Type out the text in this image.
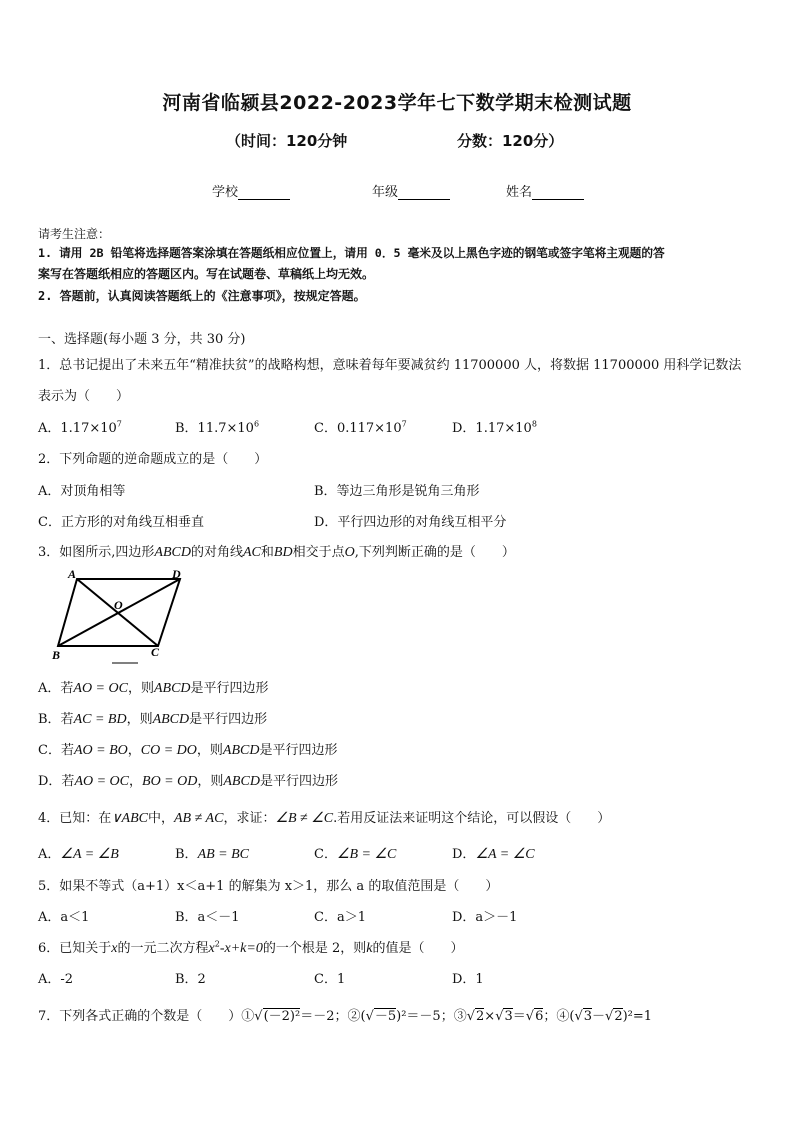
河南省临颍县2022-2023学年七下数学期末检测试题
（时间：120分钟	分数：120分）
学校	年级	姓名
请考生注意：
1. 请用 2B 铅笔将选择题答案涂填在答题纸相应位置上，请用 0．5 毫米及以上黑色字迹的钢笔或签字笔将主观题的答
案写在答题纸相应的答题区内。写在试题卷、草稿纸上均无效。
2. 答题前，认真阅读答题纸上的《注意事项》，按规定答题。
一、选择题(每小题 3 分，共 30 分)
1．总书记提出了未来五年“精准扶贫”的战略构想，意味着每年要减贫约 11700000 人，将数据 11700000 用科学记数法
表示为（　　）
A．$1.17\times 10^7$	B．$11.7\times 10^6$	C．$0.117\times 10^7$	D．$1.17\times 10^8$
2．下列命题的逆命题成立的是（　　）
A．对顶角相等	B．等边三角形是锐角三角形
C．正方形的对角线互相垂直	D．平行四边形的对角线互相平分
3．如图所示,四边形ABCD的对角线AC和BD相交于点O,下列判断正确的是（　　）
A	D
B	C
O
A．若AO = OC，则ABCD是平行四边形
B．若AC = BD，则ABCD是平行四边形
C．若AO = BO，CO = DO，则ABCD是平行四边形
D．若AO = OC，BO = OD，则ABCD是平行四边形
4．已知：在∨ABC中，AB ≠ AC，求证：∠B ≠ ∠C.若用反证法来证明这个结论，可以假设（　　）
A．∠A = ∠B	B．AB = BC	C．∠B = ∠C	D．∠A = ∠C
5．如果不等式（a+1）x＜a+1 的解集为 x＞1，那么 a 的取值范围是（　　）
A．a＜1	B．a＜－1	C．a＞1	D．a＞－1
6．已知关于x的一元二次方程$x^2-x+k=0$的一个根是 2，则k的值是（　　）
A．-2	B．2	C．1	D．1
7．下列各式正确的个数是（　　）①√(－2)²＝－2；②(√－5)²＝－5；③√2×√3＝√6；④(√3－√2)²=1
